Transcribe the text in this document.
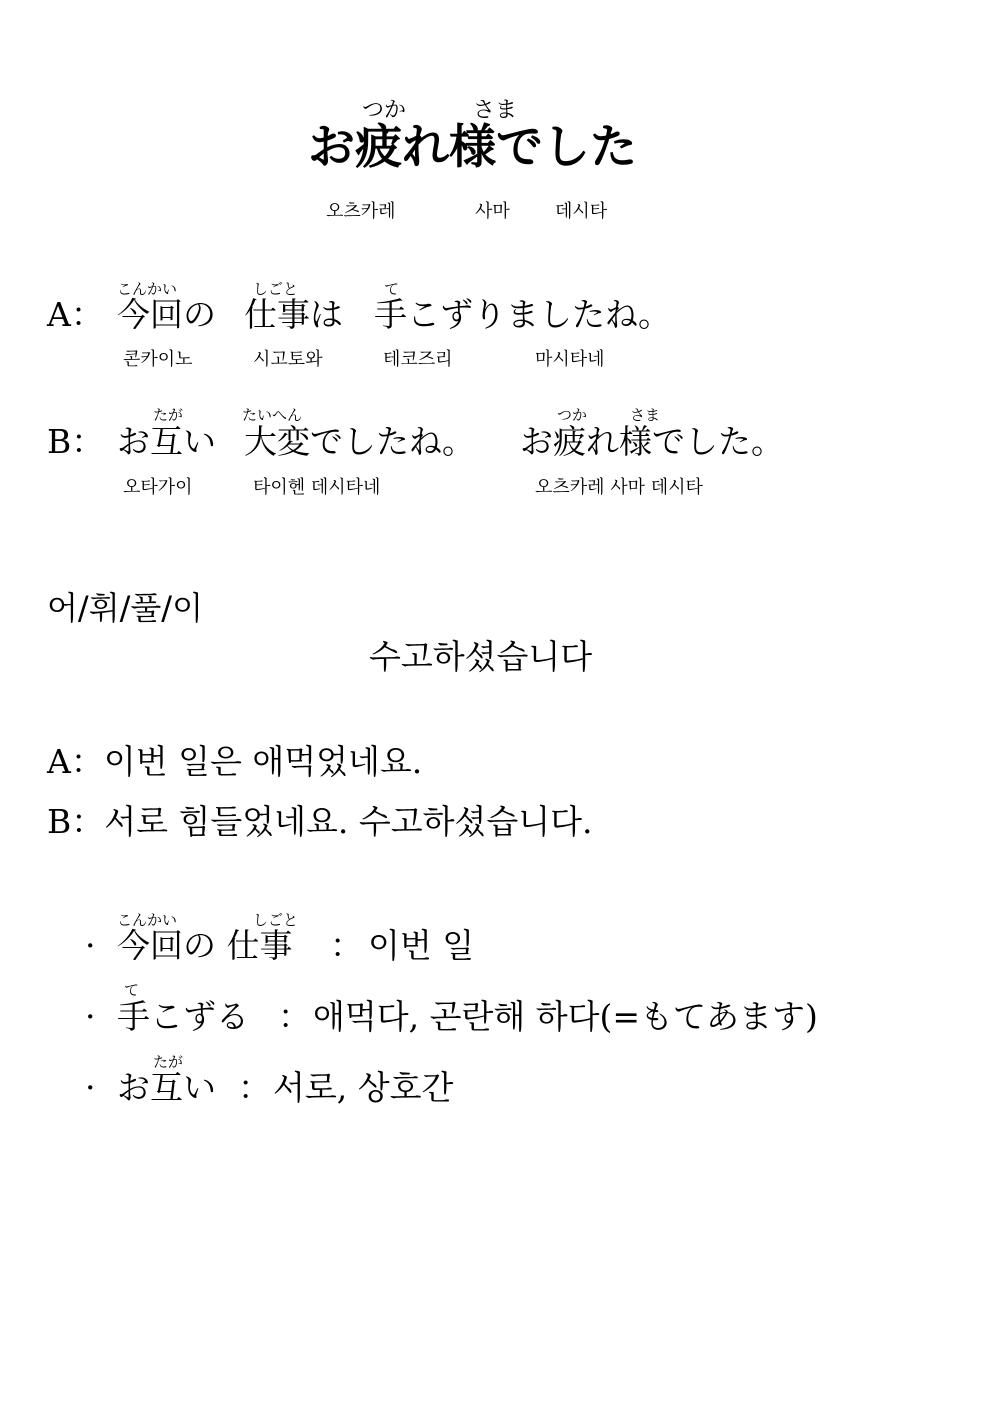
つか	さま
お疲れ様でした
오츠카레	사마	데시타
こんかい	しごと	て
A： 今回の 仕事は 手こずりましたね。
콘카이노	시고토와	테코즈리	마시타네
たが	たいへん	つか	さま
B： お互い 大変でしたね。 お疲れ様でした。
오타가이	타이헨 데시타네	오츠카레 사마 데시타
어/휘/풀/이
수고하셨습니다
A：이번 일은 애먹었네요.
B：서로 힘들었네요. 수고하셨습니다.
こんかい	しごと
· 今回の 仕事 ： 이번 일
て
· 手こずる ： 애먹다, 곤란해 하다(=もてあます)
たが
· お互い ： 서로, 상호간
